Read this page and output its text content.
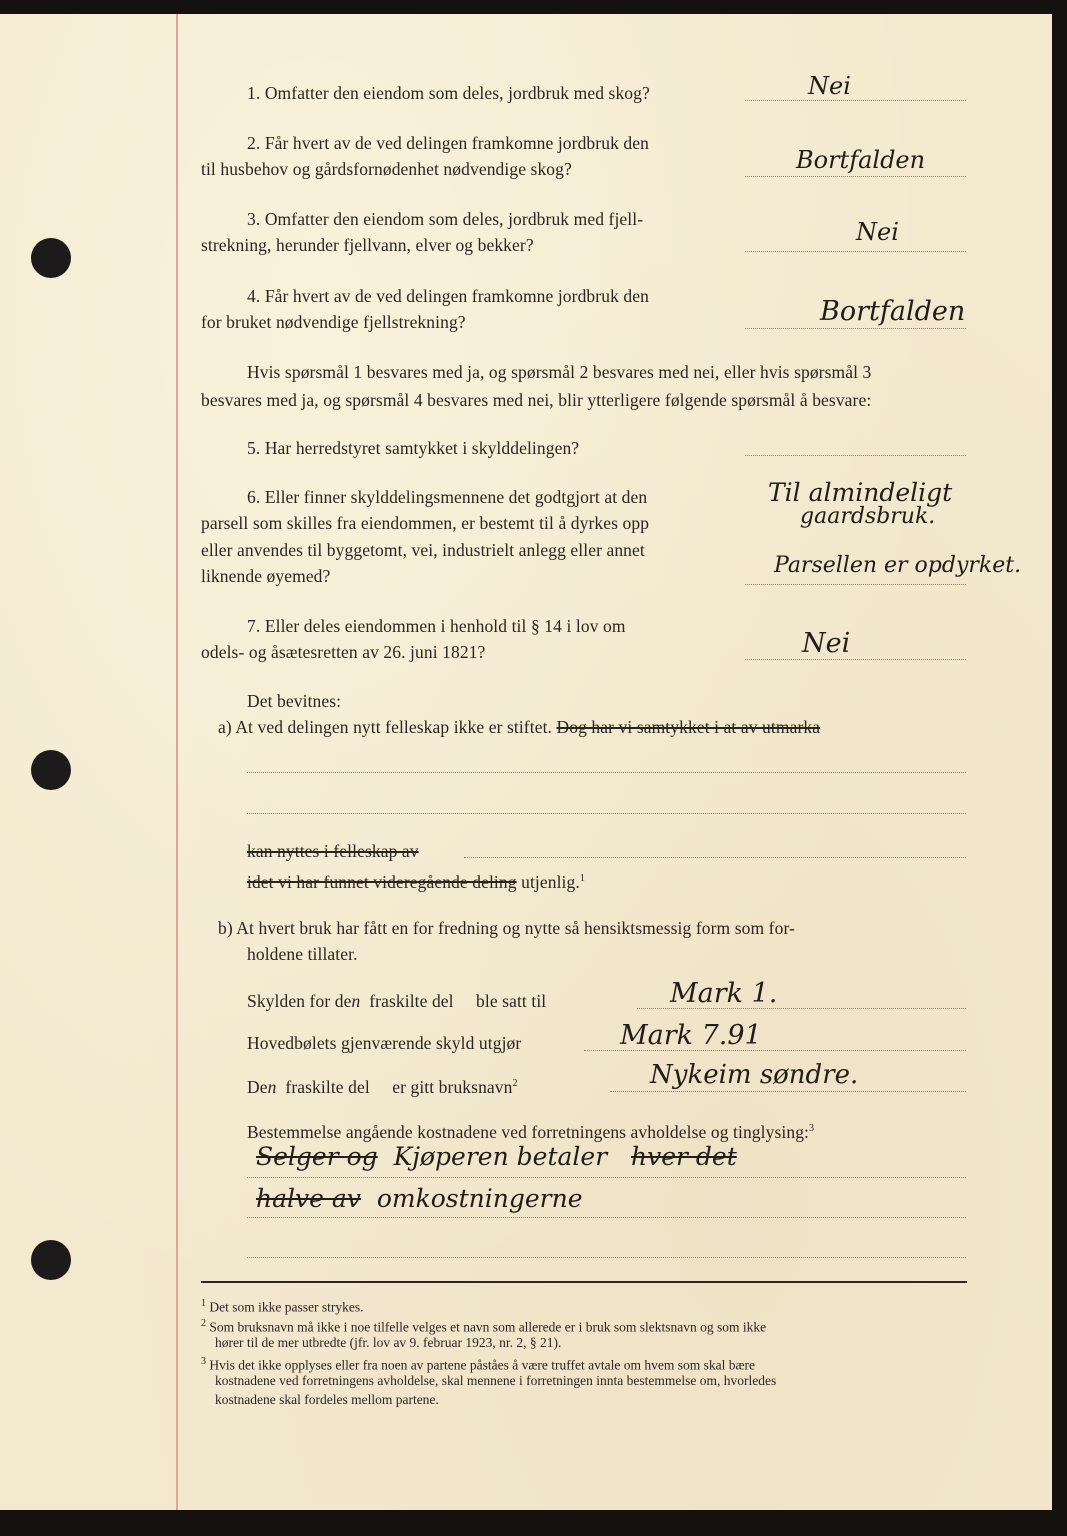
1. Omfatter den eiendom som deles, jordbruk med skog?	Nei
2. Får hvert av de ved delingen framkomne jordbruk den
til husbehov og gårdsfornødenhet nødvendige skog?	Bortfalden
3. Omfatter den eiendom som deles, jordbruk med fjell-
strekning, herunder fjellvann, elver og bekker?	Nei
4. Får hvert av de ved delingen framkomne jordbruk den
for bruket nødvendige fjellstrekning?	Bortfalden
Hvis spørsmål 1 besvares med ja, og spørsmål 2 besvares med nei, eller hvis spørsmål 3
besvares med ja, og spørsmål 4 besvares med nei, blir ytterligere følgende spørsmål å besvare:
5. Har herredstyret samtykket i skylddelingen?
6. Eller finner skylddelingsmennene det godtgjort at den
parsell som skilles fra eiendommen, er bestemt til å dyrkes opp
eller anvendes til byggetomt, vei, industrielt anlegg eller annet
liknende øyemed?
Til almindeligt
gaardsbruk.
Parsellen er opdyrket.
7. Eller deles eiendommen i henhold til § 14 i lov om
odels- og åsætesretten av 26. juni 1821?	Nei
Det bevitnes:
a) At ved delingen nytt felleskap ikke er stiftet. Dog har vi samtykket i at av utmarka
kan nyttes i felleskap av
idet vi har funnet videregående deling utjenlig.$^1$
b) At hvert bruk har fått en for fredning og nytte så hensiktsmessig form som for-
holdene tillater.
Skylden for den fraskilte del ble satt til	Mark 1.
Hovedbølets gjenværende skyld utgjør	Mark 7.91
Den fraskilte del er gitt bruksnavn$^2$	Nykeim søndre.
Bestemmelse angående kostnadene ved forretningens avholdelse og tinglysing:$^3$
Selger og Kjøperen betaler hver det
halve av omkostningerne
$^1$ Det som ikke passer strykes.
$^2$ Som bruksnavn må ikke i noe tilfelle velges et navn som allerede er i bruk som slektsnavn og som ikke
hører til de mer utbredte (jfr. lov av 9. februar 1923, nr. 2, § 21).
$^3$ Hvis det ikke opplyses eller fra noen av partene påståes å være truffet avtale om hvem som skal bære
kostnadene ved forretningens avholdelse, skal mennene i forretningen innta bestemmelse om, hvorledes
kostnadene skal fordeles mellom partene.
